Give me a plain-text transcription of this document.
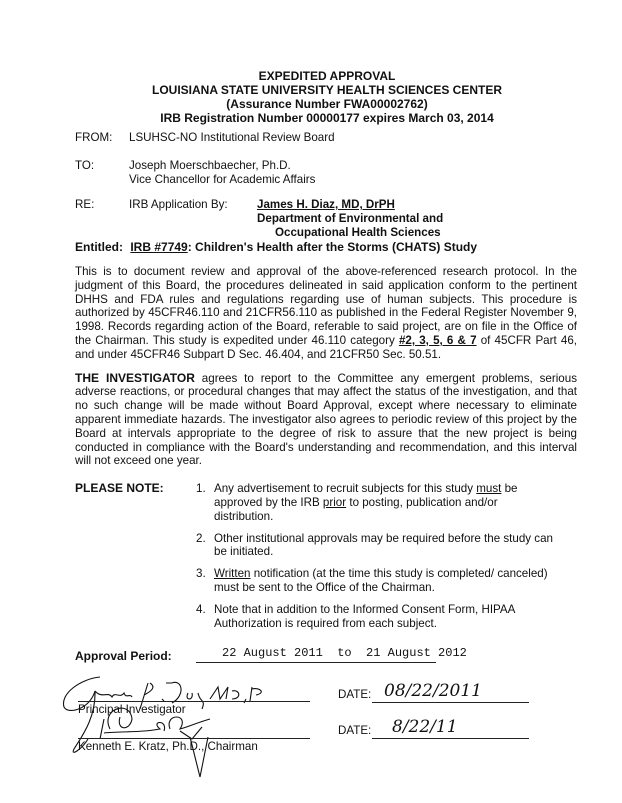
EXPEDITED APPROVAL
LOUISIANA STATE UNIVERSITY HEALTH SCIENCES CENTER
(Assurance Number FWA00002762)
IRB Registration Number 00000177 expires March 03, 2014
FROM: LSUHSC-NO Institutional Review Board
TO:	Joseph Moerschbaecher, Ph.D.
Vice Chancellor for Academic Affairs
RE:	IRB Application By:	James H. Diaz, MD, DrPH
Department of Environmental and
Occupational Health Sciences
Entitled: IRB #7749: Children's Health after the Storms (CHATS) Study
This is to document review and approval of the above-referenced research protocol. In the judgment of this Board, the procedures delineated in said application conform to the pertinent DHHS and FDA rules and regulations regarding use of human subjects. This procedure is authorized by 45CFR46.110 and 21CFR56.110 as published in the Federal Register November 9, 1998. Records regarding action of the Board, referable to said project, are on file in the Office of the Chairman. This study is expedited under 46.110 category #2, 3, 5, 6 & 7 of 45CFR Part 46, and under 45CFR46 Subpart D Sec. 46.404, and 21CFR50 Sec. 50.51.
THE INVESTIGATOR agrees to report to the Committee any emergent problems, serious adverse reactions, or procedural changes that may affect the status of the investigation, and that no such change will be made without Board Approval, except where necessary to eliminate apparent immediate hazards. The investigator also agrees to periodic review of this project by the Board at intervals appropriate to the degree of risk to assure that the new project is being conducted in compliance with the Board's understanding and recommendation, and this interval will not exceed one year.
PLEASE NOTE:	1. Any advertisement to recruit subjects for this study must be approved by the IRB prior to posting, publication and/or distribution.
2. Other institutional approvals may be required before the study can be initiated.
3. Written notification (at the time this study is completed/ canceled) must be sent to the Office of the Chairman.
4. Note that in addition to the Informed Consent Form, HIPAA Authorization is required from each subject.
Approval Period:	22 August 2011 to 21 August 2012
Principal Investigator
Kenneth E. Kratz, Ph.D., Chairman
DATE: 08/22/2011
DATE: 8/22/11
